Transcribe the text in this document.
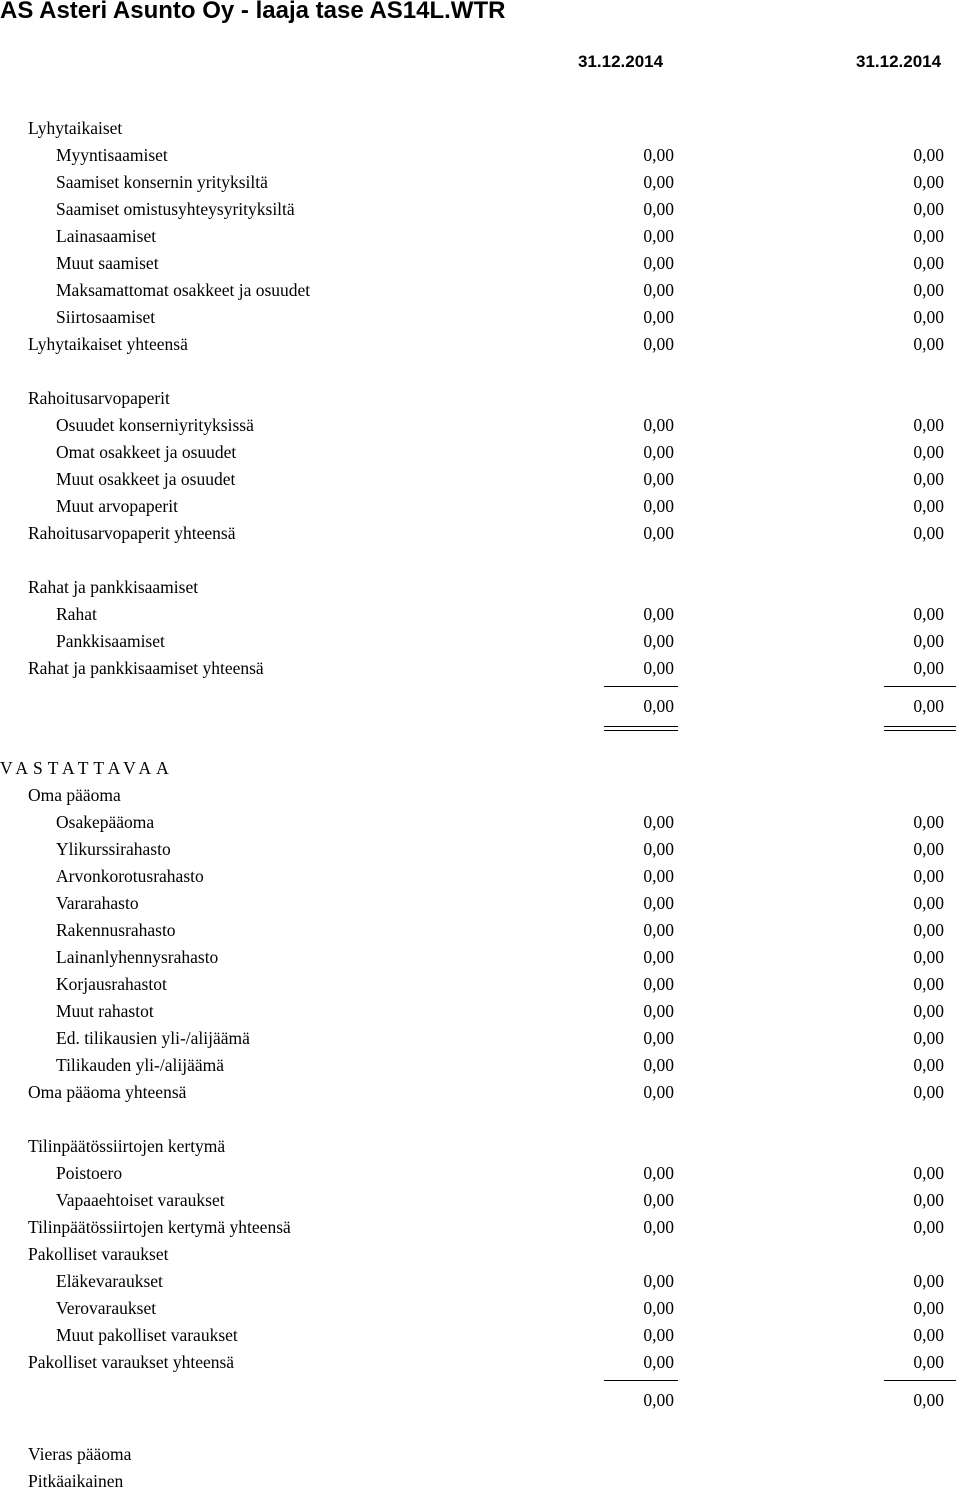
AS Asteri Asunto Oy - laaja tase AS14L.WTR
31.12.2014	31.12.2014
Lyhytaikaiset
Myyntisaamiset	0,00	0,00
Saamiset konsernin yrityksiltä	0,00	0,00
Saamiset omistusyhteysyrityksiltä	0,00	0,00
Lainasaamiset	0,00	0,00
Muut saamiset	0,00	0,00
Maksamattomat osakkeet ja osuudet	0,00	0,00
Siirtosaamiset	0,00	0,00
Lyhytaikaiset yhteensä	0,00	0,00
Rahoitusarvopaperit
Osuudet konserniyrityksissä	0,00	0,00
Omat osakkeet ja osuudet	0,00	0,00
Muut osakkeet ja osuudet	0,00	0,00
Muut arvopaperit	0,00	0,00
Rahoitusarvopaperit yhteensä	0,00	0,00
Rahat ja pankkisaamiset
Rahat	0,00	0,00
Pankkisaamiset	0,00	0,00
Rahat ja pankkisaamiset yhteensä	0,00	0,00
0,00	0,00
VASTATTAVAA
Oma pääoma
Osakepääoma	0,00	0,00
Ylikurssirahasto	0,00	0,00
Arvonkorotusrahasto	0,00	0,00
Vararahasto	0,00	0,00
Rakennusrahasto	0,00	0,00
Lainanlyhennysrahasto	0,00	0,00
Korjausrahastot	0,00	0,00
Muut rahastot	0,00	0,00
Ed. tilikausien yli-/alijäämä	0,00	0,00
Tilikauden yli-/alijäämä	0,00	0,00
Oma pääoma yhteensä	0,00	0,00
Tilinpäätössiirtojen kertymä
Poistoero	0,00	0,00
Vapaaehtoiset varaukset	0,00	0,00
Tilinpäätössiirtojen kertymä yhteensä	0,00	0,00
Pakolliset varaukset
Eläkevaraukset	0,00	0,00
Verovaraukset	0,00	0,00
Muut pakolliset varaukset	0,00	0,00
Pakolliset varaukset yhteensä	0,00	0,00
0,00	0,00
Vieras pääoma
Pitkäaikainen
